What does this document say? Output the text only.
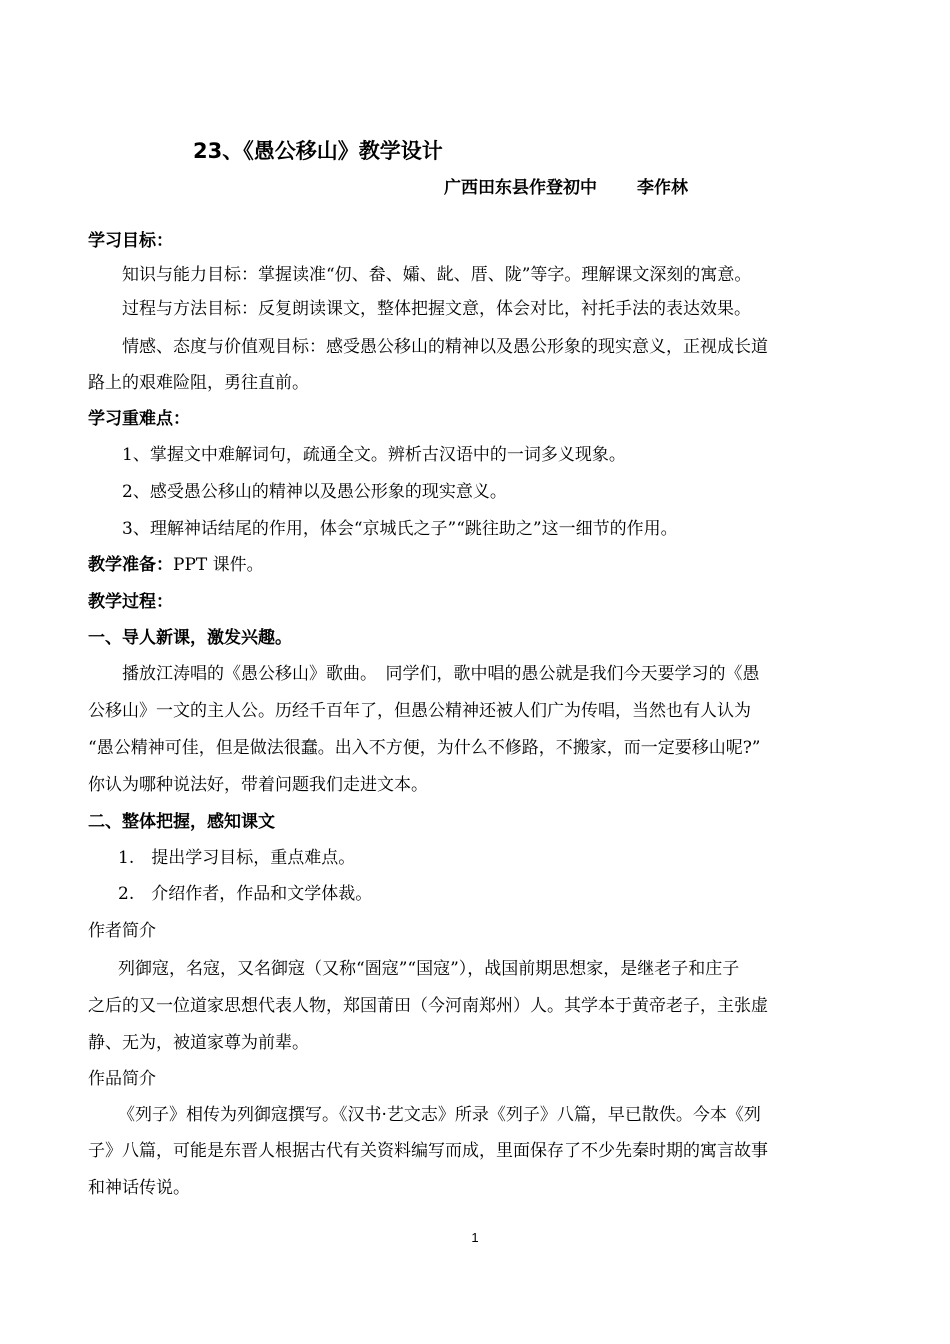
23、《愚公移山》教学设计
广西田东县作登初中 李作林
学习目标：
知识与能力目标：掌握读准“仞、畚、孀、龀、厝、陇”等字。理解课文深刻的寓意。
过程与方法目标：反复朗读课文，整体把握文意，体会对比，衬托手法的表达效果。
情感、态度与价值观目标：感受愚公移山的精神以及愚公形象的现实意义，正视成长道
路上的艰难险阻，勇往直前。
学习重难点：
1、掌握文中难解词句，疏通全文。辨析古汉语中的一词多义现象。
2、感受愚公移山的精神以及愚公形象的现实意义。
3、理解神话结尾的作用，体会“京城氏之子”“跳往助之”这一细节的作用。
教学准备：PPT 课件。
教学过程：
一、导人新课，激发兴趣。
播放江涛唱的《愚公移山》歌曲。　同学们，歌中唱的愚公就是我们今天要学习的《愚
公移山》一文的主人公。历经千百年了，但愚公精神还被人们广为传唱，当然也有人认为
“愚公精神可佳，但是做法很蠢。出入不方便，为什么不修路，不搬家，而一定要移山呢?”
你认为哪种说法好，带着问题我们走进文本。
二、整体把握，感知课文
1.　提出学习目标，重点难点。
2.　介绍作者，作品和文学体裁。
作者简介
列御寇，名寇，又名御寇（又称“圄寇”“国寇”），战国前期思想家，是继老子和庄子
之后的又一位道家思想代表人物，郑国莆田（今河南郑州）人。其学本于黄帝老子，主张虚
静、无为，被道家尊为前辈。
作品简介
《列子》相传为列御寇撰写。《汉书·艺文志》所录《列子》八篇，早已散佚。今本《列
子》八篇，可能是东晋人根据古代有关资料编写而成，里面保存了不少先秦时期的寓言故事
和神话传说。
1
